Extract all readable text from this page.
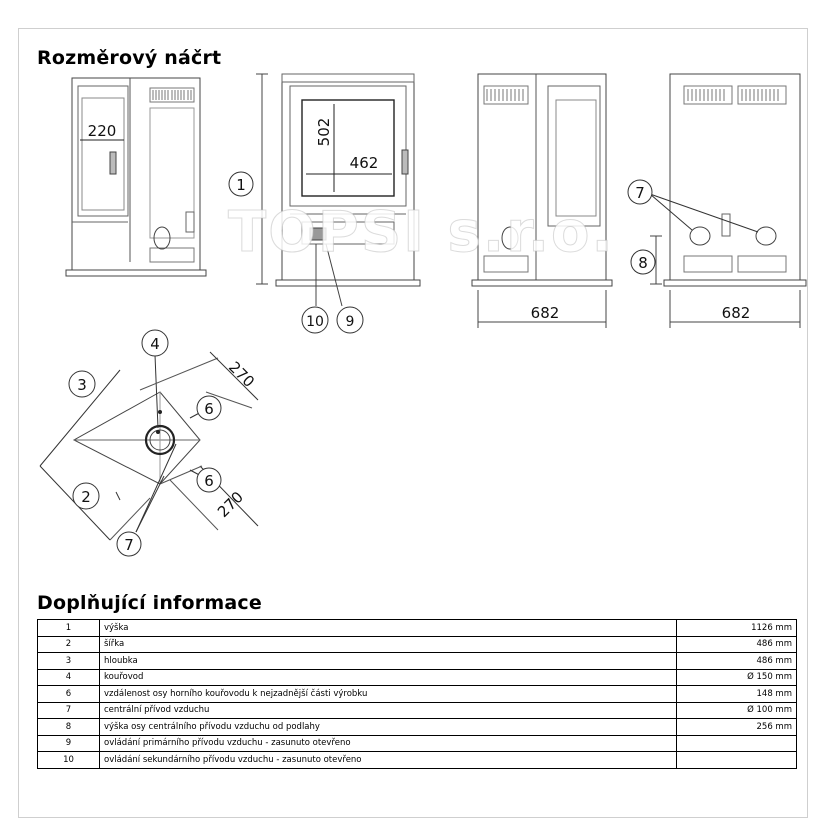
Rozměrový náčrt
220	502
462
1
10 9	682	682
7
8
270
270
4
3
6
6
2
7
TOPSI s.r.o.
Doplňující informace
1	výška	1126 mm
2	šířka	486 mm
3	hloubka	486 mm
4	kouřovod	Ø 150 mm
6	vzdálenost osy horního kouřovodu k nejzadnější části výrobku	148 mm
7	centrální přívod vzduchu	Ø 100 mm
8	výška osy centrálního přívodu vzduchu od podlahy	256 mm
9	ovládání primárního přívodu vzduchu - zasunuto otevřeno	
10	ovládání sekundárního přívodu vzduchu - zasunuto otevřeno	
